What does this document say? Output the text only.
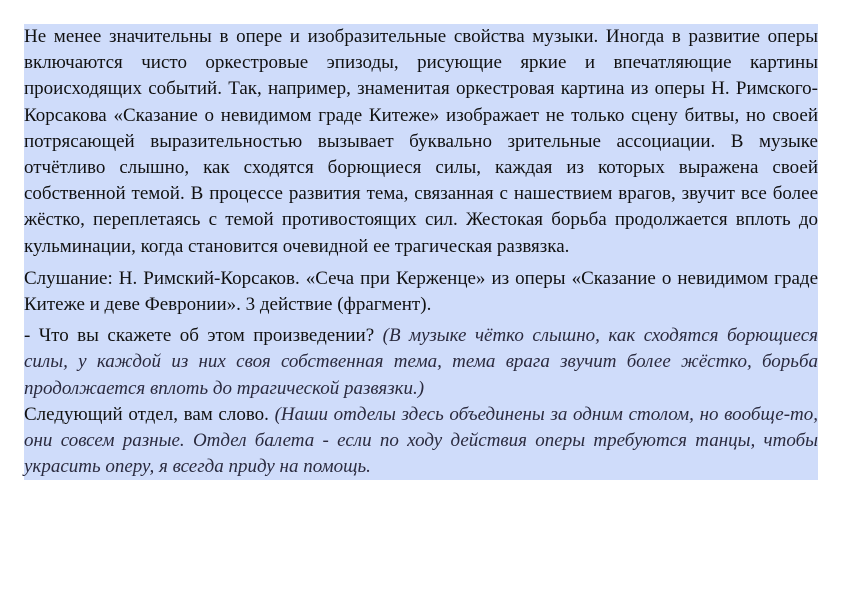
Не менее значительны в опере и изобразительные свойства музыки. Иногда в развитие оперы включаются чисто оркестровые эпизоды, рисующие яркие и впечатляющие картины происходящих событий. Так, например, знаменитая оркестровая картина из оперы Н. Римского-Корсакова «Сказание о невидимом граде Китеже» изображает не только сцену битвы, но своей потрясающей выразительностью вызывает буквально зрительные ассоциации. В музыке отчётливо слышно, как сходятся борющиеся силы, каждая из которых выражена своей собственной темой. В процессе развития тема, связанная с нашествием врагов, звучит все более жёстко, переплетаясь с темой противостоящих сил. Жестокая борьба продолжается вплоть до кульминации, когда становится очевидной ее трагическая развязка.

Слушание: Н. Римский-Корсаков. «Сеча при Керженце» из оперы «Сказание о невидимом граде Китеже и деве Февронии». 3 действие (фрагмент).

- Что вы скажете об этом произведении? (В музыке чётко слышно, как сходятся борющиеся силы, у каждой из них своя собственная тема, тема врага звучит более жёстко, борьба продолжается вплоть до трагической развязки.)

Следующий отдел, вам слово. (Наши отделы здесь объединены за одним столом, но вообще-то, они совсем разные. Отдел балета - если по ходу действия оперы требуются танцы, чтобы украсить оперу, я всегда приду на помощь.
